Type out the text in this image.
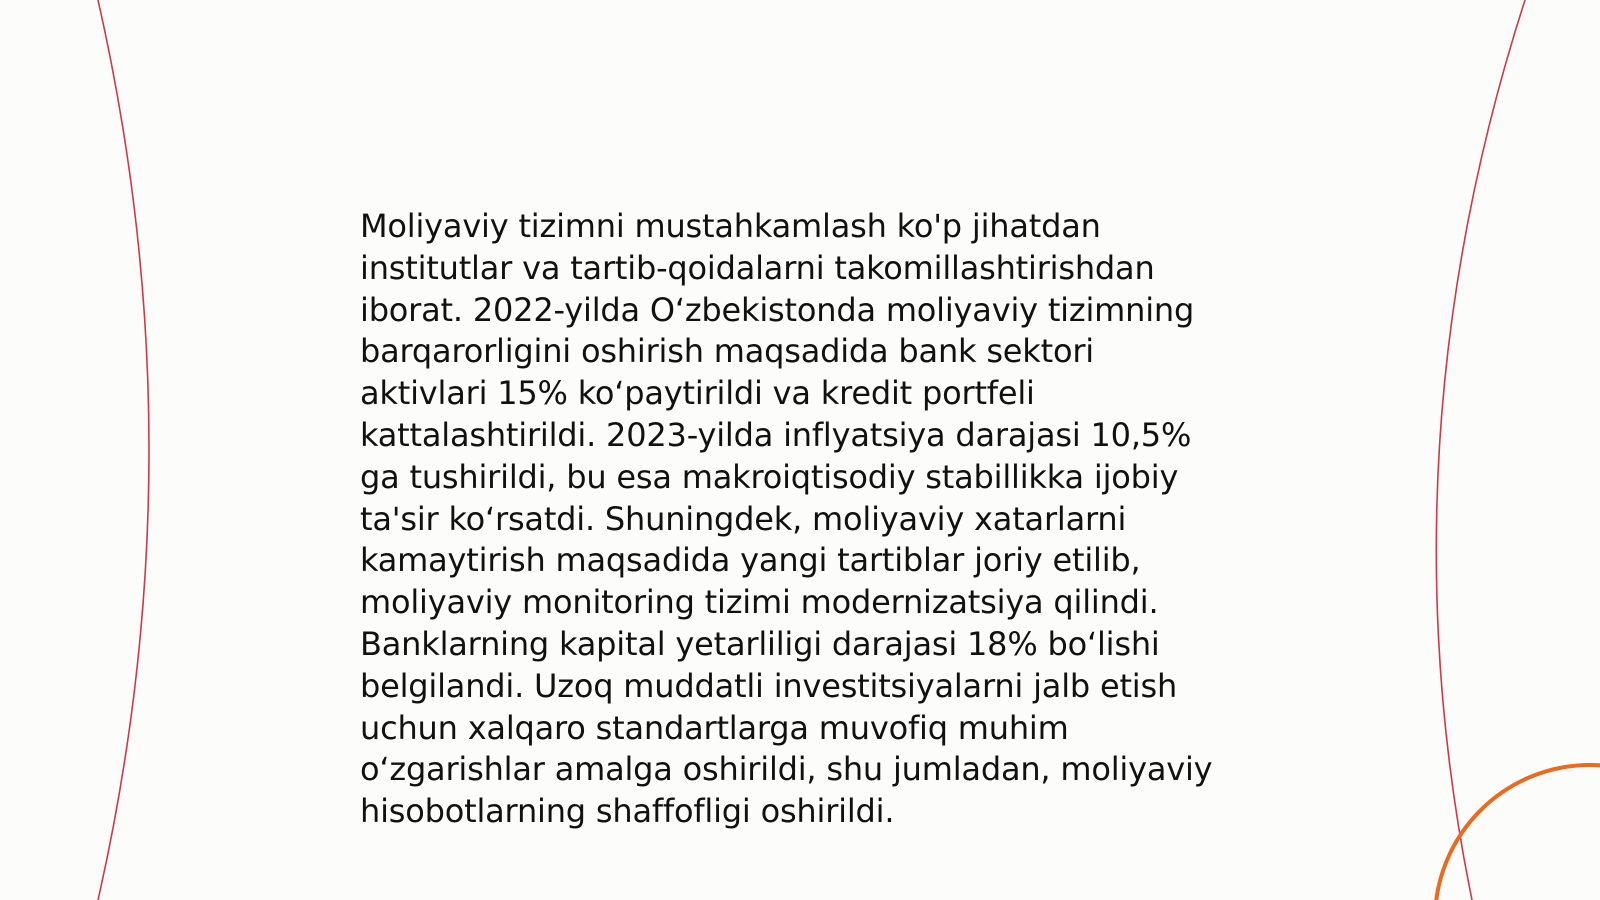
Moliyaviy tizimni mustahkamlash ko'p jihatdan
institutlar va tartib-qoidalarni takomillashtirishdan
iborat. 2022-yilda O‘zbekistonda moliyaviy tizimning
barqarorligini oshirish maqsadida bank sektori
aktivlari 15% ko‘paytirildi va kredit portfeli
kattalashtirildi. 2023-yilda inflyatsiya darajasi 10,5%
ga tushirildi, bu esa makroiqtisodiy stabillikka ijobiy
ta'sir ko‘rsatdi. Shuningdek, moliyaviy xatarlarni
kamaytirish maqsadida yangi tartiblar joriy etilib,
moliyaviy monitoring tizimi modernizatsiya qilindi.
Banklarning kapital yetarliligi darajasi 18% bo‘lishi
belgilandi. Uzoq muddatli investitsiyalarni jalb etish
uchun xalqaro standartlarga muvofiq muhim
o‘zgarishlar amalga oshirildi, shu jumladan, moliyaviy
hisobotlarning shaffofligi oshirildi.
